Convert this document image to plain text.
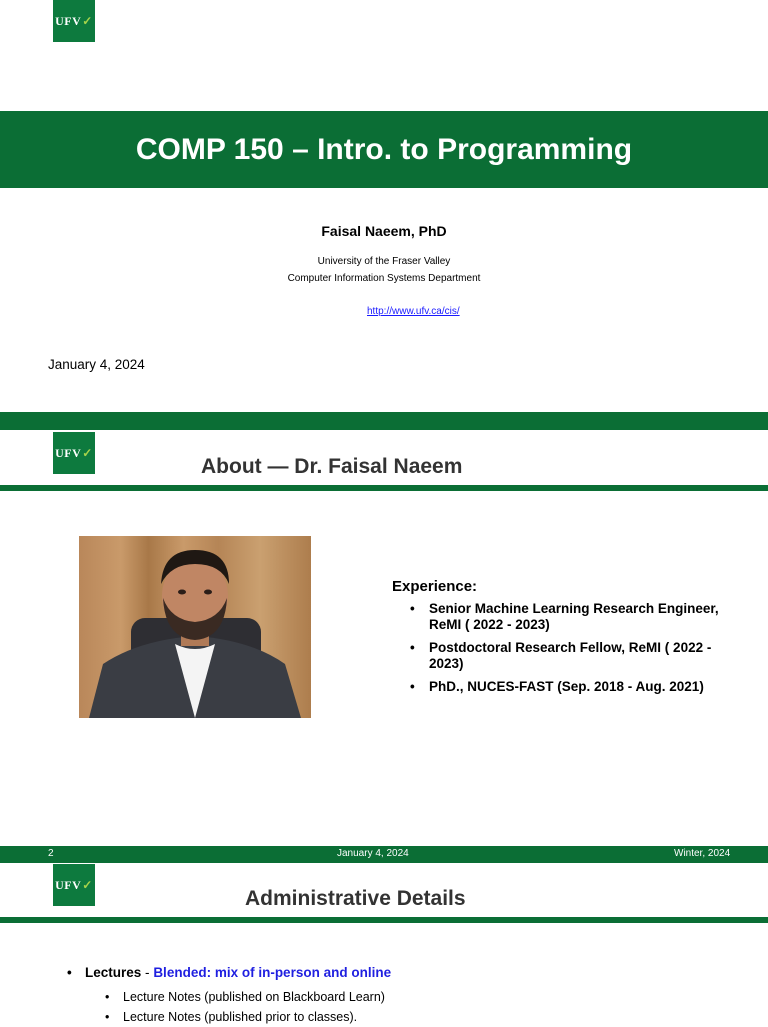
UFV ✓
COMP 150 – Intro. to Programming
Faisal Naeem, PhD
University of the Fraser Valley
Computer Information Systems Department
http://www.ufv.ca/cis/
January 4, 2024
UFV ✓
About — Dr. Faisal Naeem
Experience:
• Senior Machine Learning Research Engineer, ReMI ( 2022 - 2023)
• Postdoctoral Research Fellow, ReMI ( 2022 - 2023)
• PhD., NUCES-FAST (Sep. 2018 - Aug. 2021)
2	January 4, 2024	Winter, 2024
UFV ✓
Administrative Details
• Lectures - Blended: mix of in-person and online
• Lecture Notes (published on Blackboard Learn)
• Lecture Notes (published prior to classes).
